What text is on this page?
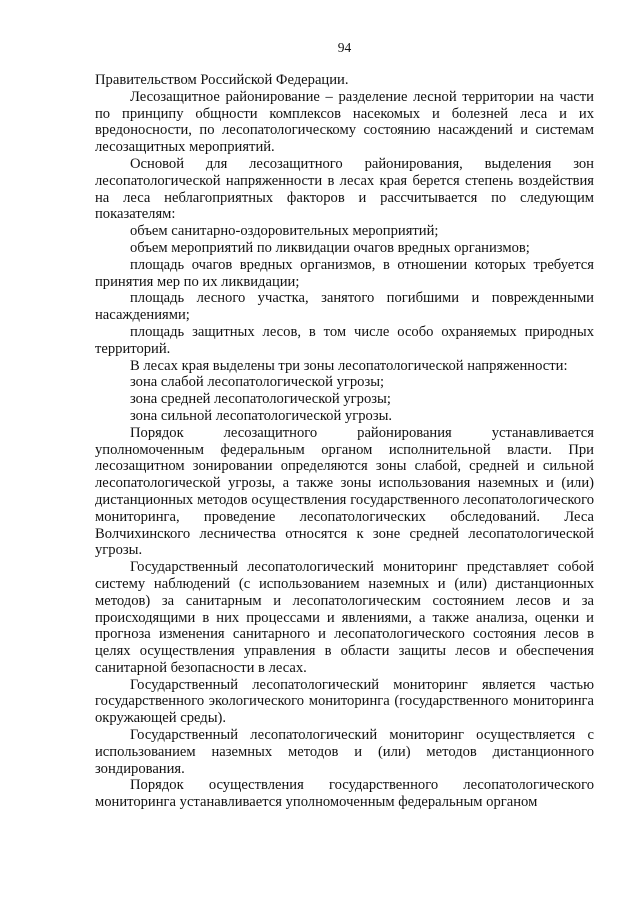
94

Правительством Российской Федерации.

Лесозащитное районирование – разделение лесной территории на части по принципу общности комплексов насекомых и болезней леса и их вредоносности, по лесопатологическому состоянию насаждений и системам лесозащитных мероприятий.

Основой для лесозащитного районирования, выделения зон лесопатологической напряженности в лесах края берется степень воздействия на леса неблагоприятных факторов и рассчитывается по следующим показателям:

объем санитарно-оздоровительных мероприятий;

объем мероприятий по ликвидации очагов вредных организмов;

площадь очагов вредных организмов, в отношении которых требуется принятия мер по их ликвидации;

площадь лесного участка, занятого погибшими и поврежденными насаждениями;

площадь защитных лесов, в том числе особо охраняемых природных территорий.

В лесах края выделены три зоны лесопатологической напряженности:

зона слабой лесопатологической угрозы;

зона средней лесопатологической угрозы;

зона сильной лесопатологической угрозы.

Порядок лесозащитного районирования устанавливается уполномоченным федеральным органом исполнительной власти. При лесозащитном зонировании определяются зоны слабой, средней и сильной лесопатологической угрозы, а также зоны использования наземных и (или) дистанционных методов осуществления государственного лесопатологического мониторинга, проведение лесопатологических обследований. Леса Волчихинского лесничества относятся к зоне средней лесопатологической угрозы.

Государственный лесопатологический мониторинг представляет собой систему наблюдений (с использованием наземных и (или) дистанционных методов) за санитарным и лесопатологическим состоянием лесов и за происходящими в них процессами и явлениями, а также анализа, оценки и прогноза изменения санитарного и лесопатологического состояния лесов в целях осуществления управления в области защиты лесов и обеспечения санитарной безопасности в лесах.

Государственный лесопатологический мониторинг является частью государственного экологического мониторинга (государственного мониторинга окружающей среды).

Государственный лесопатологический мониторинг осуществляется с использованием наземных методов и (или) методов дистанционного зондирования.

Порядок осуществления государственного лесопатологического мониторинга устанавливается уполномоченным федеральным органом
